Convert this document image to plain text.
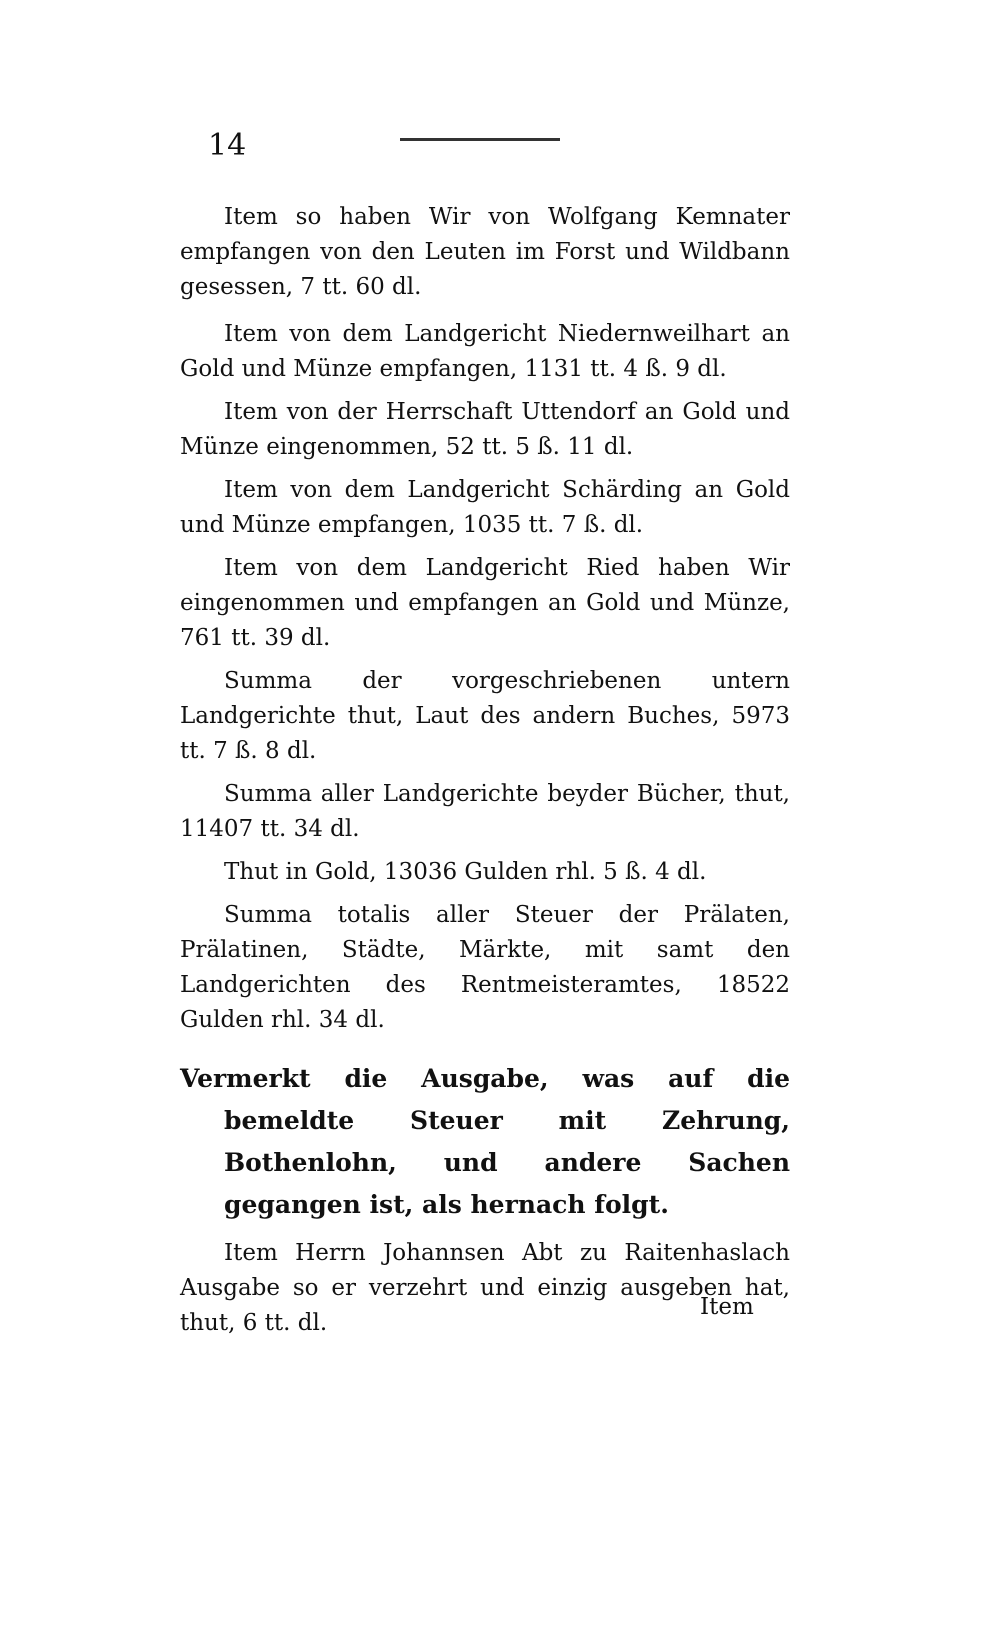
14

Item so haben Wir von Wolfgang Kemnater empfangen von den Leuten im Forst und Wildbann gesessen, 7 tt. 60 dl.

Item von dem Landgericht Niedernweilhart an Gold und Münze empfangen, 1131 tt. 4 ß. 9 dl.

Item von der Herrschaft Uttendorf an Gold und Münze eingenommen, 52 tt. 5 ß. 11 dl.

Item von dem Landgericht Schärding an Gold und Münze empfangen, 1035 tt. 7 ß. dl.

Item von dem Landgericht Ried haben Wir eingenommen und empfangen an Gold und Münze, 761 tt. 39 dl.

Summa der vorgeschriebenen untern Landgerichte thut, Laut des andern Buches, 5973 tt. 7 ß. 8 dl.

Summa aller Landgerichte beyder Bücher, thut, 11407 tt. 34 dl.

Thut in Gold, 13036 Gulden rhl. 5 ß. 4 dl.

Summa totalis aller Steuer der Prälaten, Prälatinen, Städte, Märkte, mit samt den Landgerichten des Rentmeisteramtes, 18522 Gulden rhl. 34 dl.

Vermerkt die Ausgabe, was auf die bemeldte Steuer mit Zehrung, Bothenlohn, und andere Sachen gegangen ist, als hernach folgt.

Item Herrn Johannsen Abt zu Raitenhaslach Ausgabe so er verzehrt und einzig ausgeben hat, thut, 6 tt. dl.

Item
